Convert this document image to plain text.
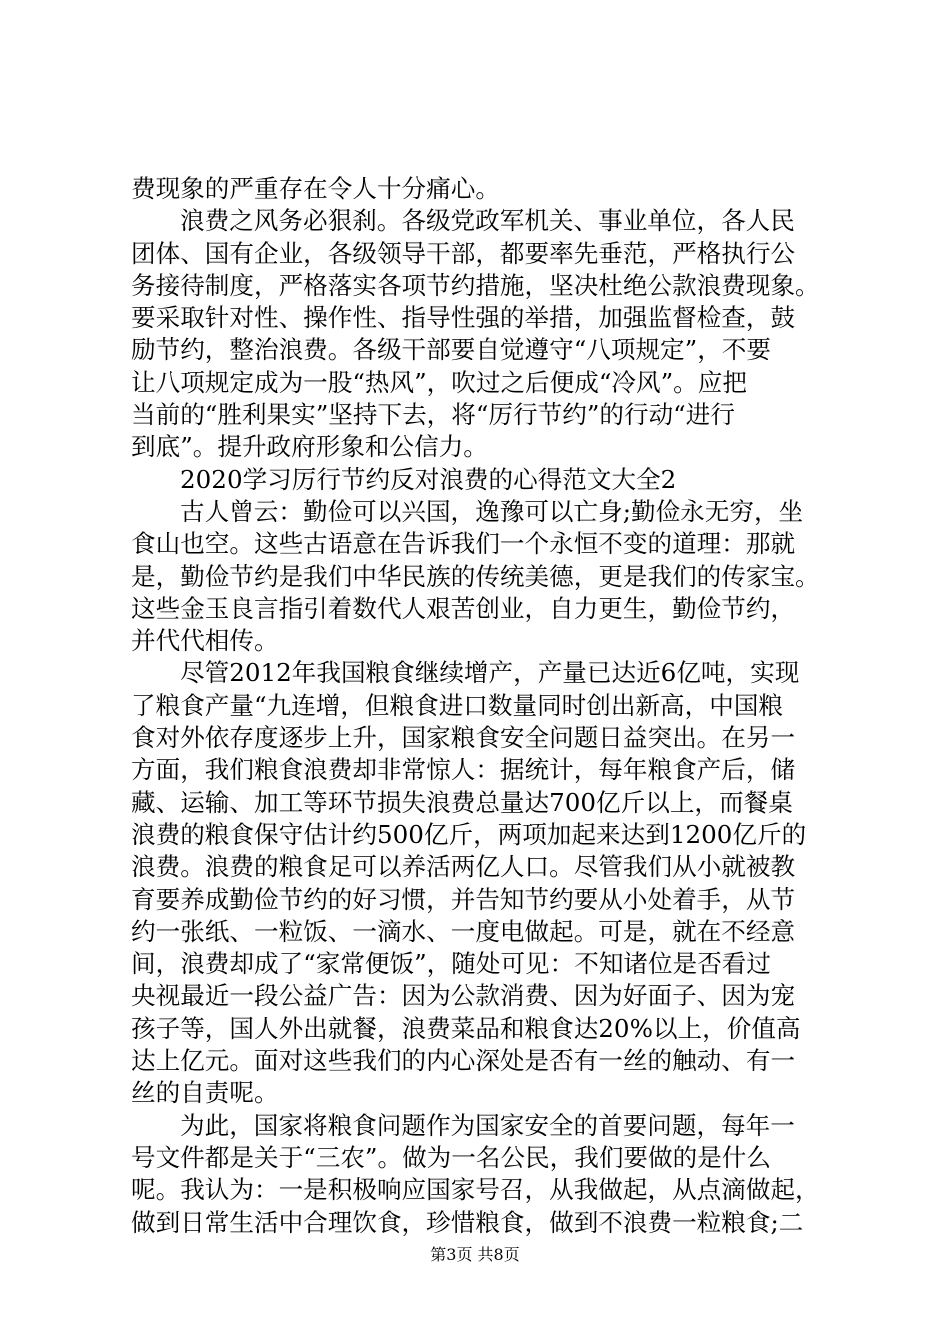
费现象的严重存在令人十分痛心。
浪费之风务必狠刹。各级党政军机关、事业单位，各人民
团体、国有企业，各级领导干部，都要率先垂范，严格执行公
务接待制度，严格落实各项节约措施，坚决杜绝公款浪费现象。
要采取针对性、操作性、指导性强的举措，加强监督检查，鼓
励节约，整治浪费。各级干部要自觉遵守“八项规定”，不要
让八项规定成为一股“热风”，吹过之后便成“冷风”。应把
当前的“胜利果实”坚持下去，将“厉行节约”的行动“进行
到底”。提升政府形象和公信力。
2020学习厉行节约反对浪费的心得范文大全2
古人曾云：勤俭可以兴国，逸豫可以亡身;勤俭永无穷，坐
食山也空。这些古语意在告诉我们一个永恒不变的道理：那就
是，勤俭节约是我们中华民族的传统美德，更是我们的传家宝。
这些金玉良言指引着数代人艰苦创业，自力更生，勤俭节约，
并代代相传。
尽管2012年我国粮食继续增产，产量已达近6亿吨，实现
了粮食产量“九连增，但粮食进口数量同时创出新高，中国粮
食对外依存度逐步上升，国家粮食安全问题日益突出。在另一
方面，我们粮食浪费却非常惊人：据统计，每年粮食产后，储
藏、运输、加工等环节损失浪费总量达700亿斤以上，而餐桌
浪费的粮食保守估计约500亿斤，两项加起来达到1200亿斤的
浪费。浪费的粮食足可以养活两亿人口。尽管我们从小就被教
育要养成勤俭节约的好习惯，并告知节约要从小处着手，从节
约一张纸、一粒饭、一滴水、一度电做起。可是，就在不经意
间，浪费却成了“家常便饭”，随处可见：不知诸位是否看过
央视最近一段公益广告：因为公款消费、因为好面子、因为宠
孩子等，国人外出就餐，浪费菜品和粮食达20%以上，价值高
达上亿元。面对这些我们的内心深处是否有一丝的触动、有一
丝的自责呢。
为此，国家将粮食问题作为国家安全的首要问题，每年一
号文件都是关于“三农”。做为一名公民，我们要做的是什么
呢。我认为：一是积极响应国家号召，从我做起，从点滴做起，
做到日常生活中合理饮食，珍惜粮食，做到不浪费一粒粮食;二
第3页 共8页
